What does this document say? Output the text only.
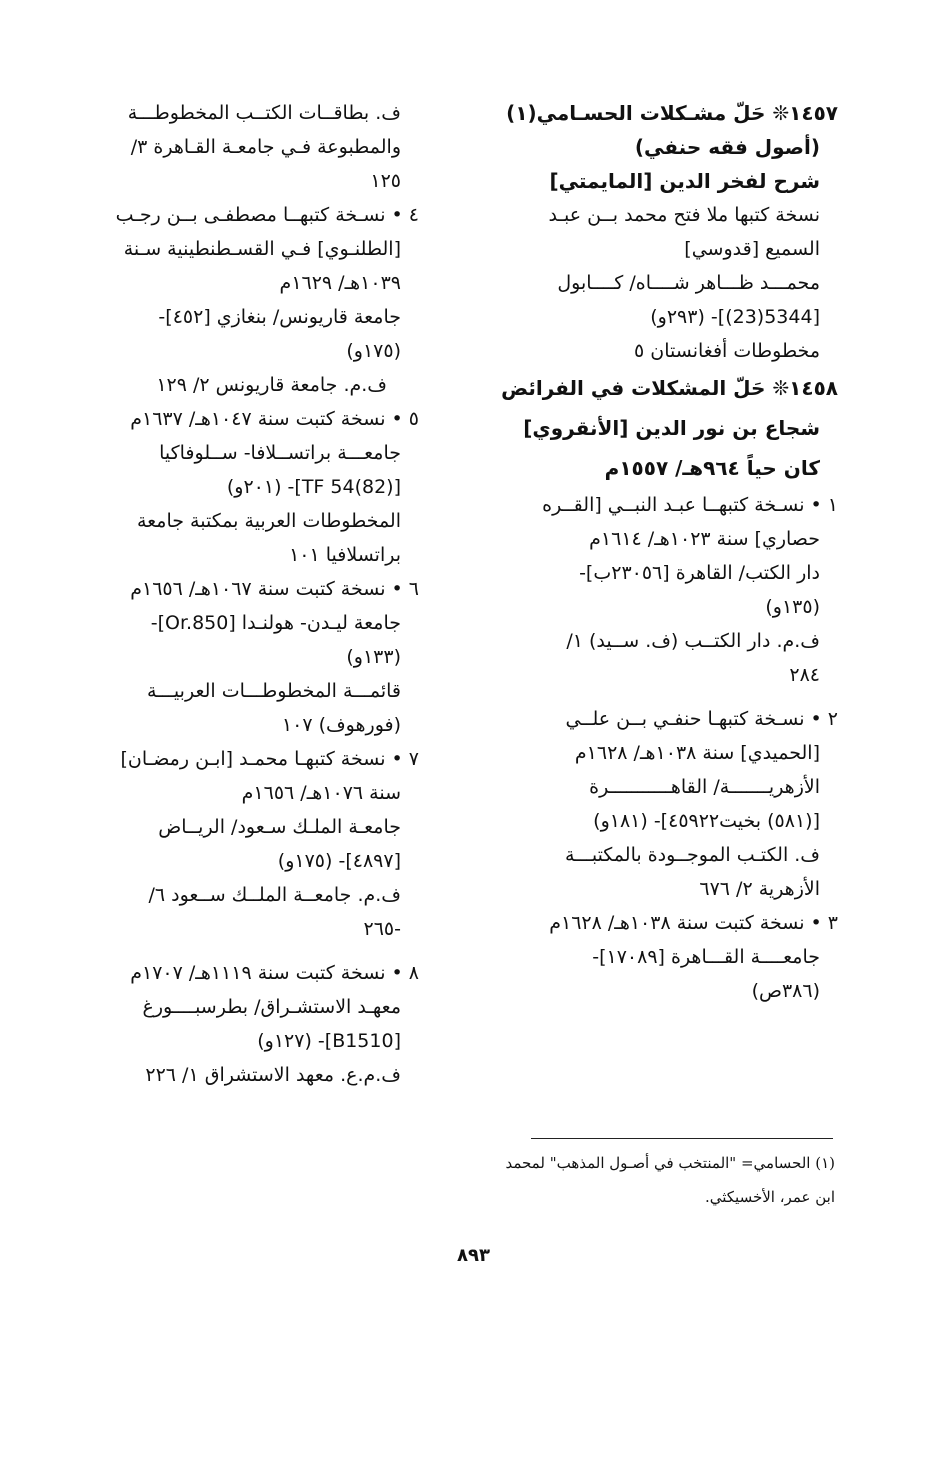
١٤٥٧❊ حَلّ مشـكلات الحسـامي(١)
(أصول فقه حنفي)
شرح لفخر الدين [المايمتي]
نسخة كتبها ملا فتح محمد بــن عبـد
السميع [قدوسي]
محمـــد ظـــاهر شــــاه/ كــــابول
[5344(23)]- (٢٩٣و)
مخطوطات أفغانستان ٥
١٤٥٨❊ حَلّ المشكلات في الفرائض
شجاع بن نور الدين [الأنقروي]
كان حياً ٩٦٤هـ/ ١٥٥٧م
١ • نسـخة كتبهــا عبـد النبــي [القــره
حصاري] سنة ١٠٢٣هـ/ ١٦١٤م
دار الكتب/ القاهرة [٢٣٠٥٦ب]-
(١٣٥و)
ف.م. دار الكتــب (ف. ســيد) ١/
٢٨٤
٢ • نسـخة كتبهـا حنفـي بــن علــي
[الحميدي] سنة ١٠٣٨هـ/ ١٦٢٨م
الأزهريـــــــة/ القاهـــــــــــرة
[(٥٨١) بخيت٤٥٩٢٢]- (١٨١و)
ف. الكتـب الموجــودة بالمكتبـــة
الأزهرية ٢/ ٦٧٦
٣ • نسخة كتبت سنة ١٠٣٨هـ/ ١٦٢٨م
جامعــــة القـــاهرة [١٧٠٨٩]-
(٣٨٦ص)
ف. بطاقــات الكتــب المخطوطـــة
والمطبوعة فـي جامعـة القـاهرة ٣/
١٢٥
٤ • نسـخة كتبهــا مصطفـى بــن رجـب
[الطلنـوي] فـي القسـطنطينية سـنة
١٠٣٩هـ/ ١٦٢٩م
جامعة قاريونس/ بنغازي [٤٥٢]-
(١٧٥و)
ف.م. جامعة قاريونس ٢/ ١٢٩
٥ • نسخة كتبت سنة ١٠٤٧هـ/ ١٦٣٧م
جامعـــة براتســلافا- ســلوفاكيا
[TF 54(82)]- (٢٠١و)
المخطوطات العربية بمكتبة جامعة
براتسلافيا ١٠١
٦ • نسخة كتبت سنة ١٠٦٧هـ/ ١٦٥٦م
جامعة ليـدن- هولنـدا [Or.850]-
(١٣٣و)
قائمـــة المخطوطـــات العربيـــة
(فورهوف) ١٠٧
٧ • نسخة كتبهـا محمـد [ابـن رمضـان]
سنة ١٠٧٦هـ/ ١٦٥٦م
جامعـة الملـك سـعود/ الريــاض
[٤٨٩٧]- (١٧٥و)
ف.م. جامعــة الملــك ســعود ٦/
-٢٦٥
٨ • نسخة كتبت سنة ١١١٩هـ/ ١٧٠٧م
معهـد الاستشـراق/ بطرسبــــورغ
[B1510]- (١٢٧و)
ف.م.ع. معهد الاستشراق ١/ ٢٢٦
(١) الحسامي= "المنتخب في أصـول المذهب" لمحمد
ابن عمر، الأخسيكثي.
٨٩٣
